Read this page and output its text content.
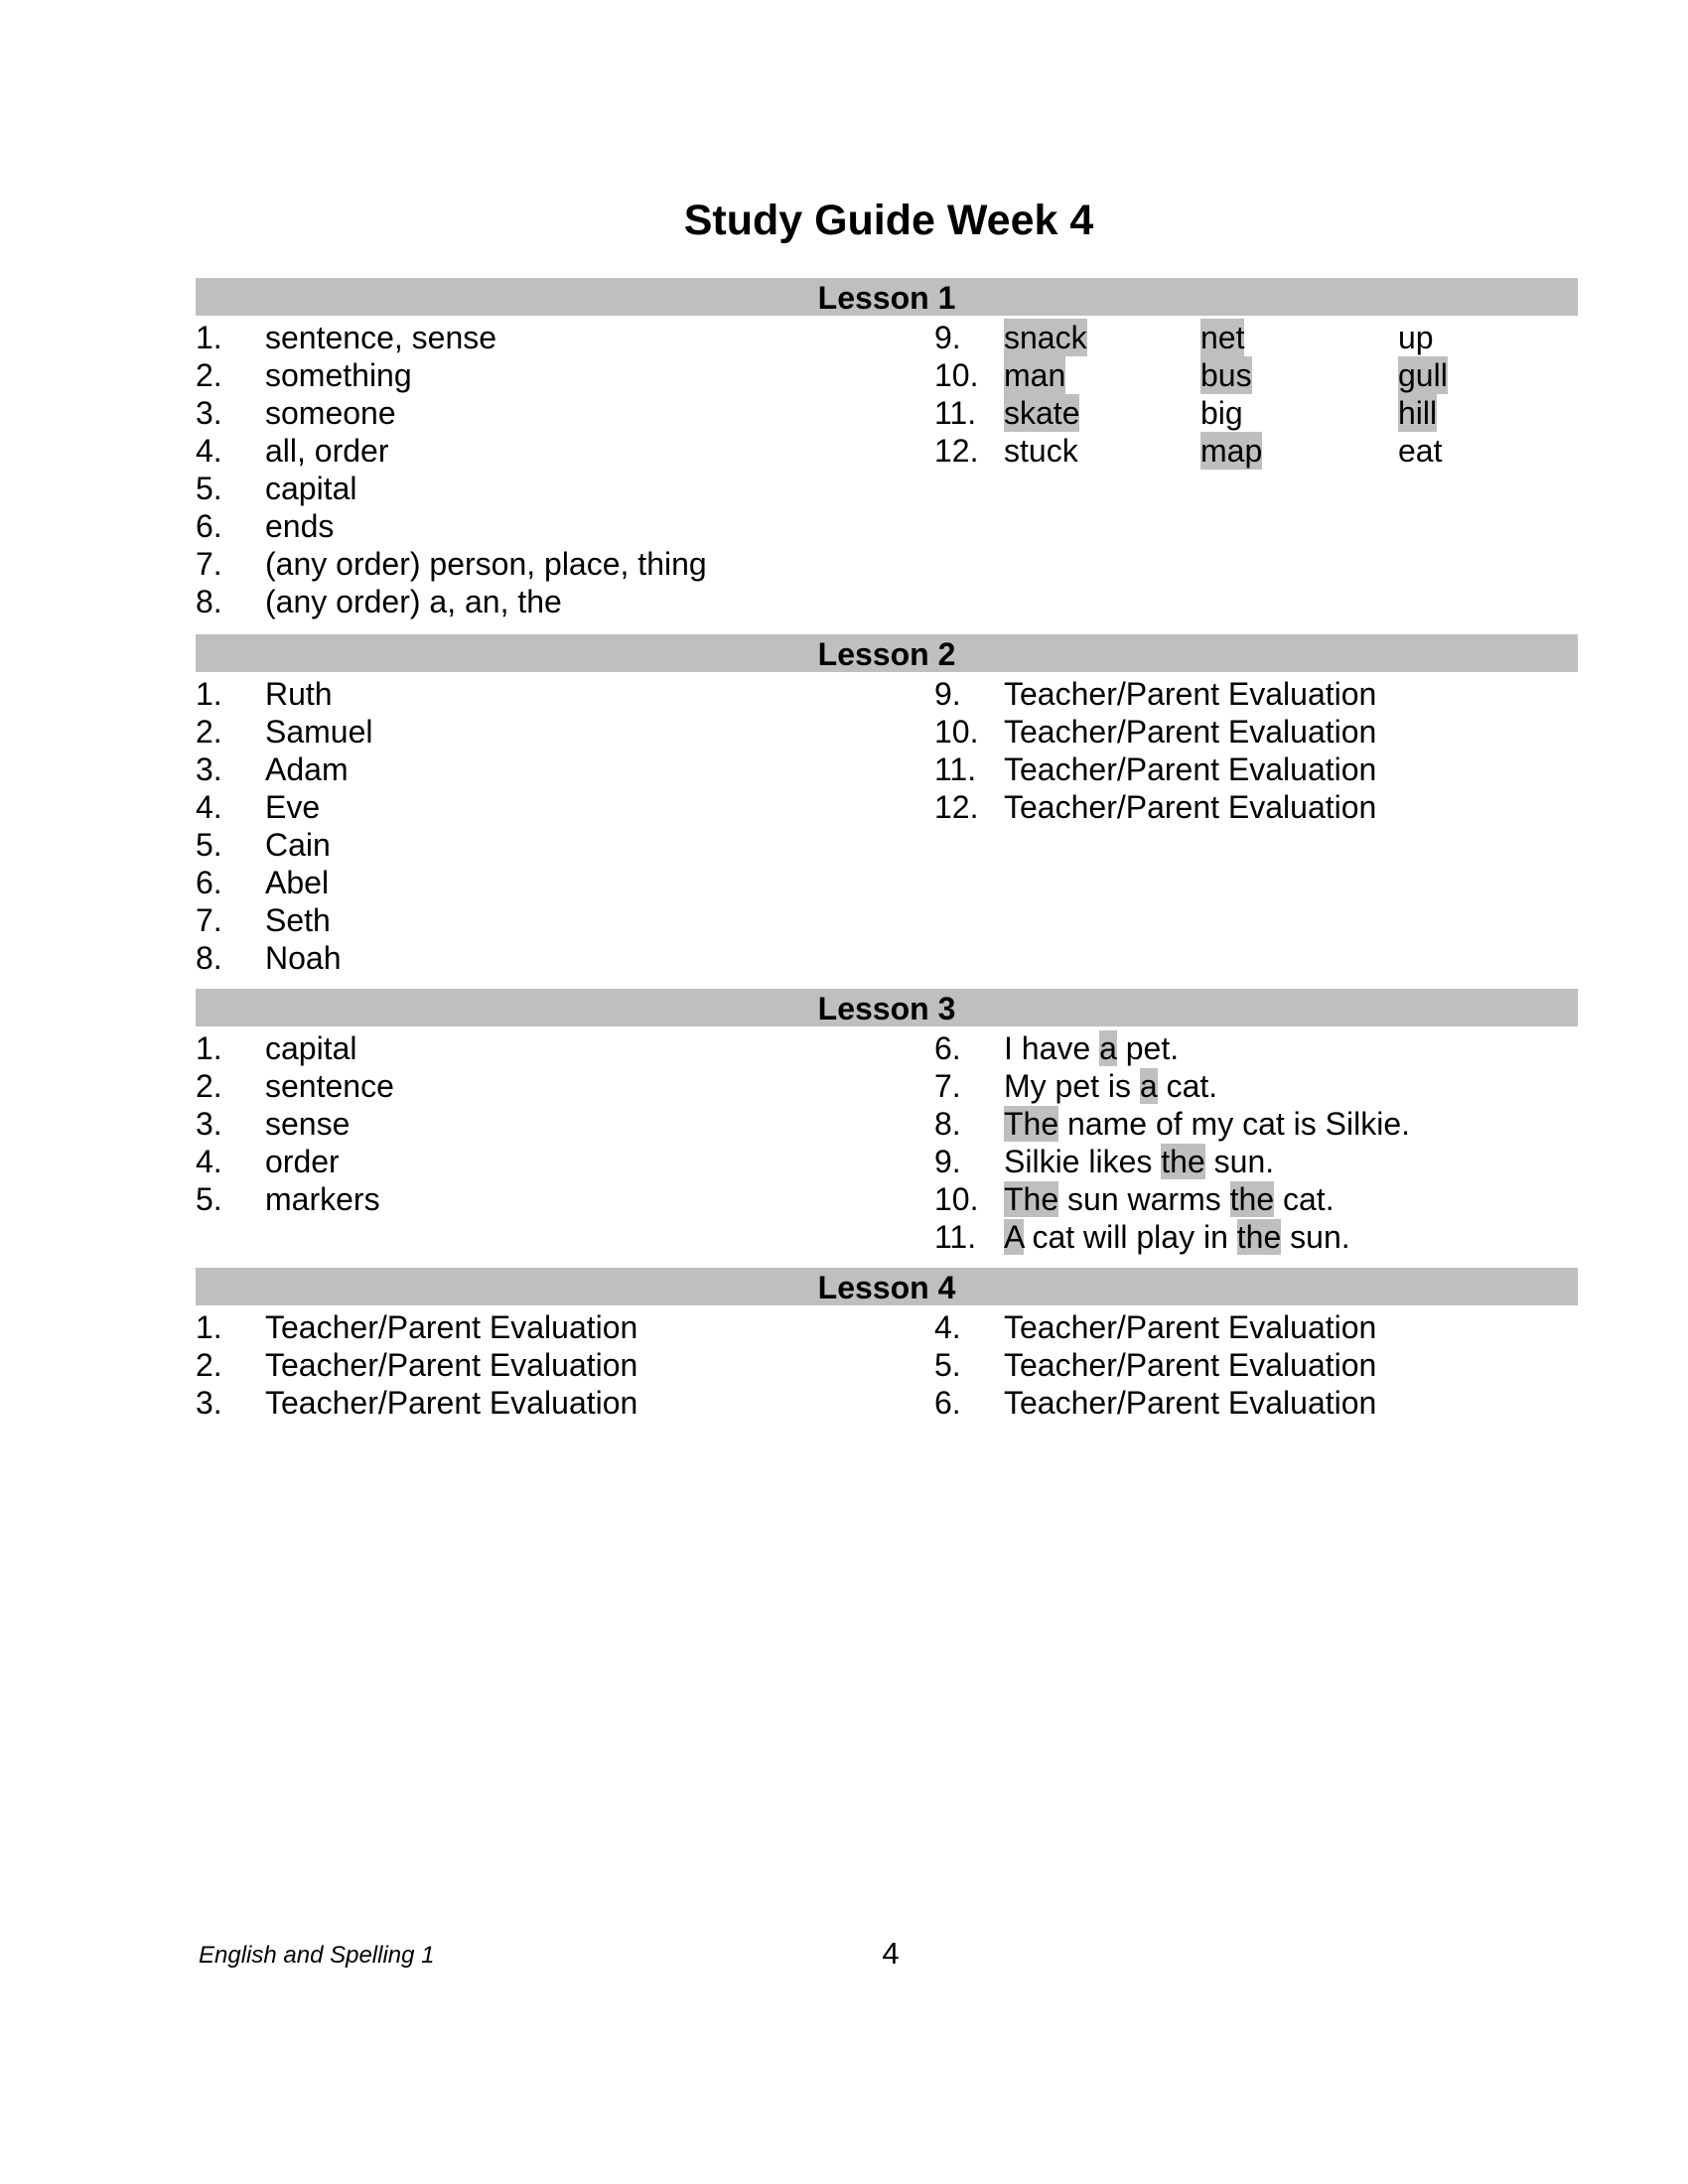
Study Guide Week 4
Lesson 1
1. sentence, sense
2. something
3. someone
4. all, order
5. capital
6. ends
7. (any order) person, place, thing
8. (any order) a, an, the
9. snack	net	up
10. man	bus	gull
11. skate	big	hill
12. stuck	map	eat
Lesson 2
1. Ruth
2. Samuel
3. Adam
4. Eve
5. Cain
6. Abel
7. Seth
8. Noah
9. Teacher/Parent Evaluation
10. Teacher/Parent Evaluation
11. Teacher/Parent Evaluation
12. Teacher/Parent Evaluation
Lesson 3
1. capital
2. sentence
3. sense
4. order
5. markers
6. I have a pet.
7. My pet is a cat.
8. The name of my cat is Silkie.
9. Silkie likes the sun.
10. The sun warms the cat.
11. A cat will play in the sun.
Lesson 4
1. Teacher/Parent Evaluation
2. Teacher/Parent Evaluation
3. Teacher/Parent Evaluation
4. Teacher/Parent Evaluation
5. Teacher/Parent Evaluation
6. Teacher/Parent Evaluation
English and Spelling 1	4
